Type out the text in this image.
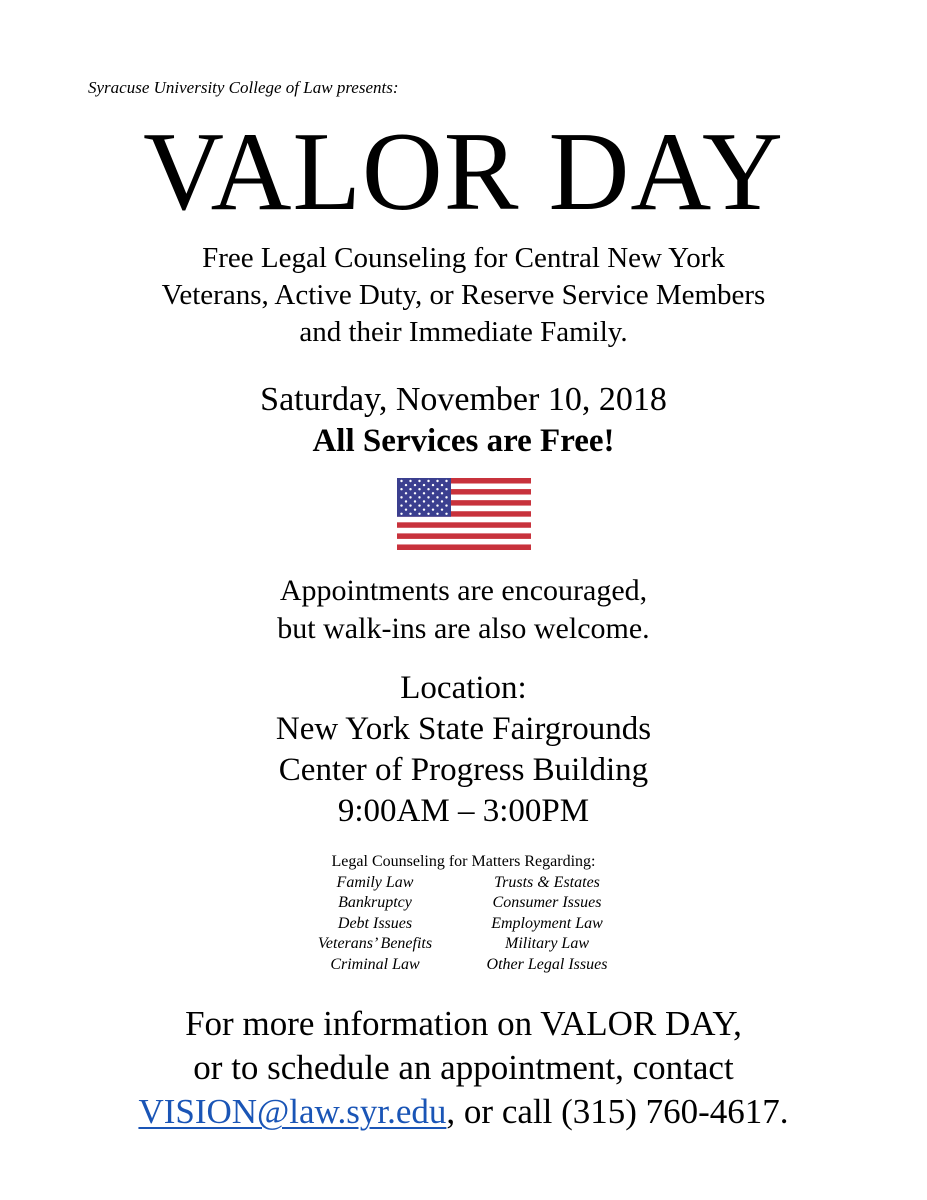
Syracuse University College of Law presents:
VALOR DAY
Free Legal Counseling for Central New York
Veterans, Active Duty, or Reserve Service Members
and their Immediate Family.
Saturday, November 10, 2018
All Services are Free!
Appointments are encouraged,
but walk-ins are also welcome.
Location:
New York State Fairgrounds
Center of Progress Building
9:00AM – 3:00PM
Legal Counseling for Matters Regarding:
Family Law	Trusts & Estates
Bankruptcy	Consumer Issues
Debt Issues	Employment Law
Veterans’ Benefits	Military Law
Criminal Law	Other Legal Issues
For more information on VALOR DAY,
or to schedule an appointment, contact
VISION@law.syr.edu, or call (315) 760-4617.
